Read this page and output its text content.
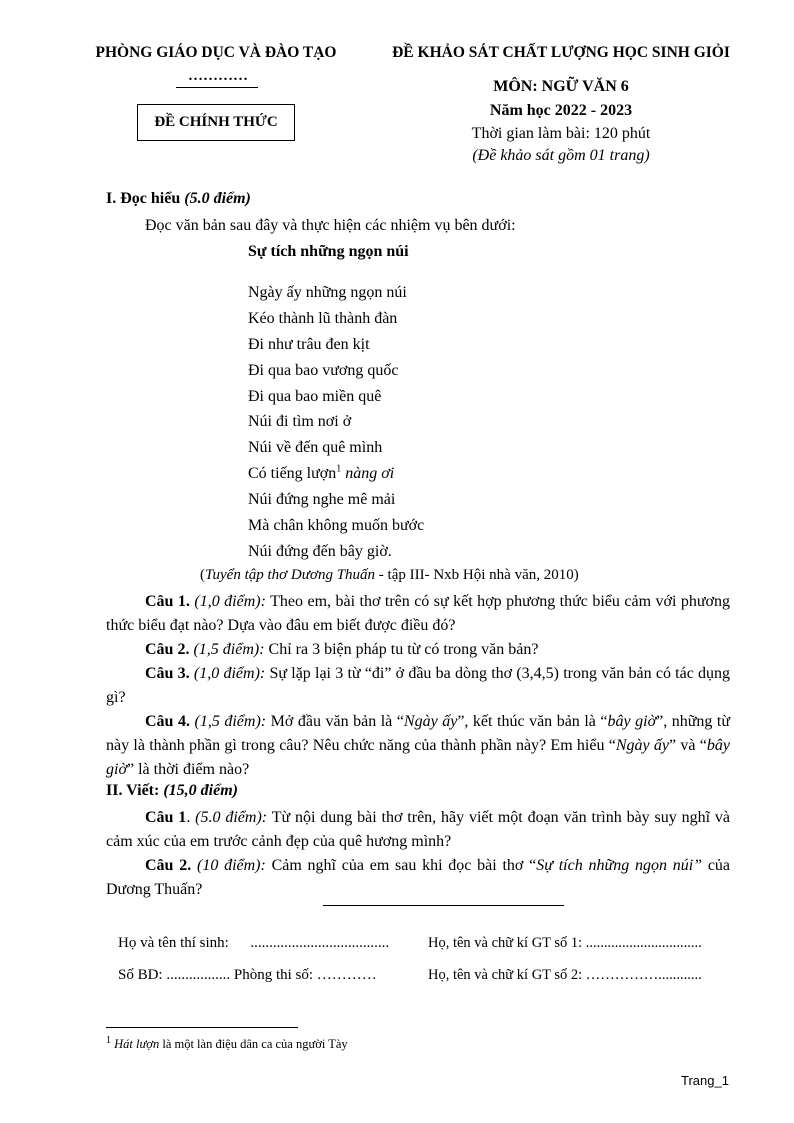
PHÒNG GIÁO DỤC VÀ ĐÀO TẠO
…………
ĐỀ CHÍNH THỨC
ĐỀ KHẢO SÁT CHẤT LƯỢNG HỌC SINH GIỎI
MÔN: NGỮ VĂN 6
Năm học 2022 - 2023
Thời gian làm bài: 120 phút
(Đề khảo sát gồm 01 trang)
I. Đọc hiểu (5.0 điểm)
Đọc văn bản sau đây và thực hiện các nhiệm vụ bên dưới:
Sự tích những ngọn núi
Ngày ấy những ngọn núi
Kéo thành lũ thành đàn
Đi như trâu đen kịt
Đi qua bao vương quốc
Đi qua bao miền quê
Núi đi tìm nơi ở
Núi về đến quê mình
Có tiếng lượn$^1$ nàng ơi
Núi đứng nghe mê mải
Mà chân không muốn bước
Núi đứng đến bây giờ.
(Tuyển tập thơ Dương Thuấn - tập III- Nxb Hội nhà văn, 2010)
Câu 1. (1,0 điểm): Theo em, bài thơ trên có sự kết hợp phương thức biểu cảm với phương thức biểu đạt nào? Dựa vào đâu em biết được điều đó?
Câu 2. (1,5 điểm): Chỉ ra 3 biện pháp tu từ có trong văn bản?
Câu 3. (1,0 điểm): Sự lặp lại 3 từ “đi” ở đầu ba dòng thơ (3,4,5) trong văn bản có tác dụng gì?
Câu 4. (1,5 điểm): Mở đầu văn bản là “Ngày ấy”, kết thúc văn bản là “bây giờ”, những từ này là thành phần gì trong câu? Nêu chức năng của thành phần này? Em hiểu “Ngày ấy” và “bây giờ” là thời điểm nào?
II. Viết: (15,0 điểm)
Câu 1. (5.0 điểm): Từ nội dung bài thơ trên, hãy viết một đoạn văn trình bày suy nghĩ và cảm xúc của em trước cảnh đẹp của quê hương mình?
Câu 2. (10 điểm): Cảm nghĩ của em sau khi đọc bài thơ “Sự tích những ngọn núi” của Dương Thuấn?
Họ và tên thí sinh: .....................................	Họ, tên và chữ kí GT số 1: ................................
Số BD: ................. Phòng thi số: …………	Họ, tên và chữ kí GT số 2: ……………............
$^1$ Hát lượn là một làn điệu dân ca của người Tày
Trang_1
